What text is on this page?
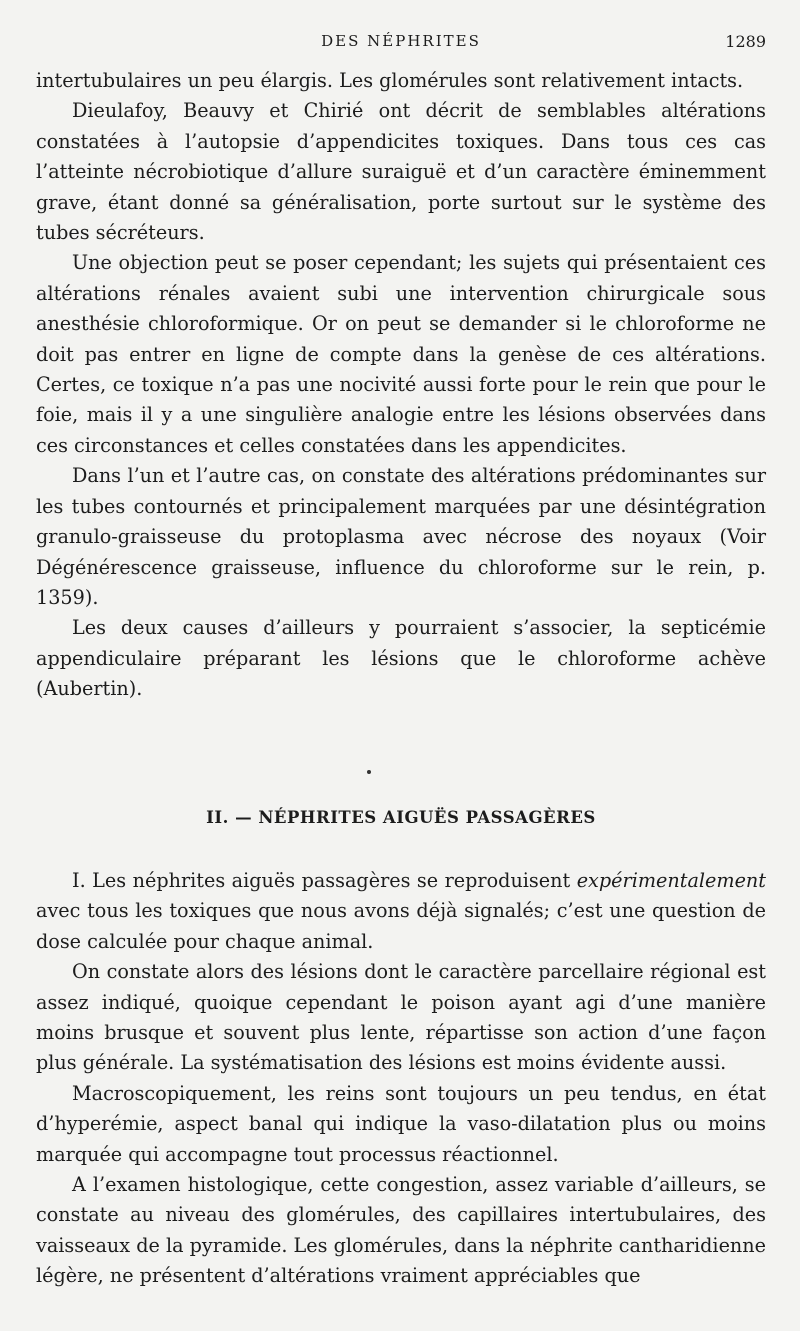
DES NÉPHRITES	1289

intertubulaires un peu élargis. Les glomérules sont relativement intacts.

Dieulafoy, Beauvy et Chirié ont décrit de semblables altérations constatées à l’autopsie d’appendicites toxiques. Dans tous ces cas l’atteinte nécrobiotique d’allure suraiguë et d’un caractère éminemment grave, étant donné sa généralisation, porte surtout sur le système des tubes sécréteurs.

Une objection peut se poser cependant; les sujets qui présentaient ces altérations rénales avaient subi une intervention chirurgicale sous anesthésie chloroformique. Or on peut se demander si le chloroforme ne doit pas entrer en ligne de compte dans la genèse de ces altérations. Certes, ce toxique n’a pas une nocivité aussi forte pour le rein que pour le foie, mais il y a une singulière analogie entre les lésions observées dans ces circonstances et celles constatées dans les appendicites.

Dans l’un et l’autre cas, on constate des altérations prédominantes sur les tubes contournés et principalement marquées par une désintégration granulo-graisseuse du protoplasma avec nécrose des noyaux (Voir Dégénérescence graisseuse, influence du chloroforme sur le rein, p. 1359).

Les deux causes d’ailleurs y pourraient s’associer, la septicémie appendiculaire préparant les lésions que le chloroforme achève (Aubertin).

II. — NÉPHRITES AIGUËS PASSAGÈRES

I. Les néphrites aiguës passagères se reproduisent expérimentalement avec tous les toxiques que nous avons déjà signalés; c’est une question de dose calculée pour chaque animal.

On constate alors des lésions dont le caractère parcellaire régional est assez indiqué, quoique cependant le poison ayant agi d’une manière moins brusque et souvent plus lente, répartisse son action d’une façon plus générale. La systématisation des lésions est moins évidente aussi.

Macroscopiquement, les reins sont toujours un peu tendus, en état d’hyperémie, aspect banal qui indique la vaso-dilatation plus ou moins marquée qui accompagne tout processus réactionnel.

A l’examen histologique, cette congestion, assez variable d’ailleurs, se constate au niveau des glomérules, des capillaires intertubulaires, des vaisseaux de la pyramide. Les glomérules, dans la néphrite cantharidienne légère, ne présentent d’altérations vraiment appréciables que
